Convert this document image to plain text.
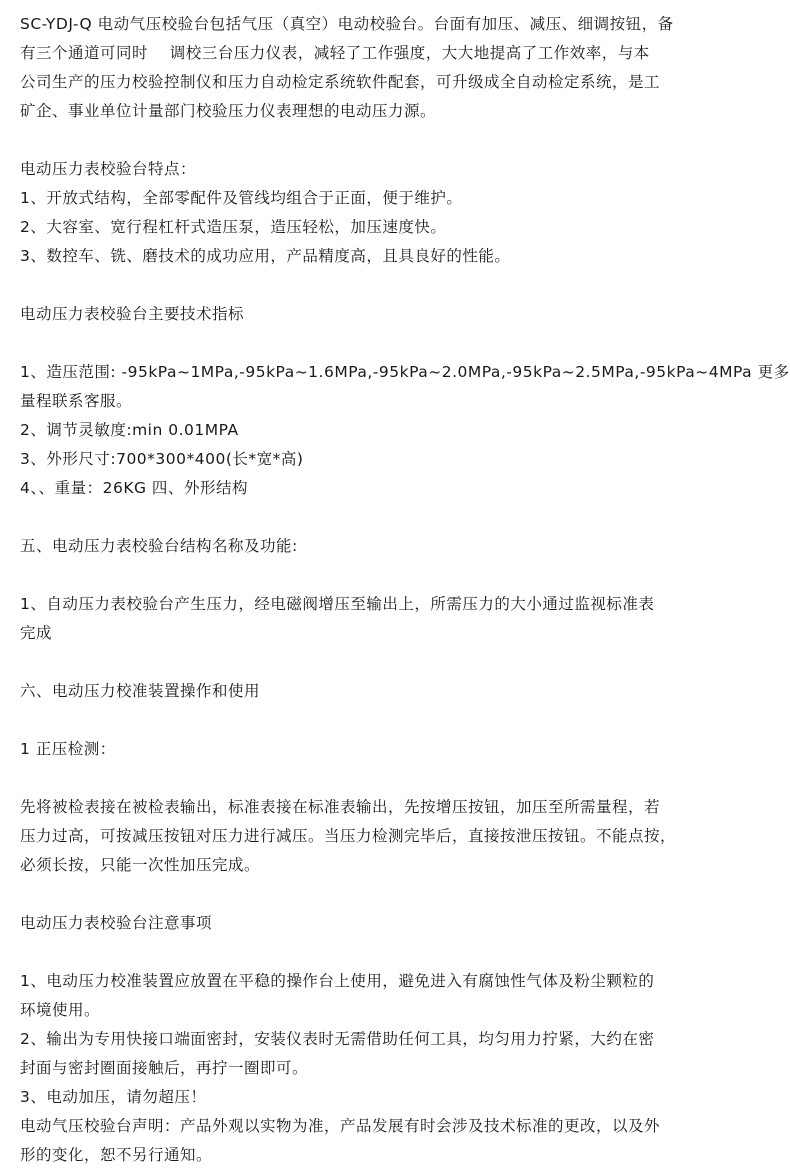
SC-YDJ-Q 电动气压校验台包括气压（真空）电动校验台。台面有加压、减压、细调按钮，备
有三个通道可同时    调校三台压力仪表，减轻了工作强度，大大地提高了工作效率，与本
公司生产的压力校验控制仪和压力自动检定系统软件配套，可升级成全自动检定系统，是工
矿企、事业单位计量部门校验压力仪表理想的电动压力源。
电动压力表校验台特点：
1、开放式结构，全部零配件及管线均组合于正面，便于维护。
2、大容室、宽行程杠杆式造压泵，造压轻松，加压速度快。
3、数控车、铣、磨技术的成功应用，产品精度高，且具良好的性能。
电动压力表校验台主要技术指标
1、造压范围: -95kPa~1MPa,-95kPa~1.6MPa,-95kPa~2.0MPa,-95kPa~2.5MPa,-95kPa~4MPa 更多
量程联系客服。
2、调节灵敏度:min 0.01MPA
3、外形尺寸:700*300*400(长*宽*高)
4、、重量：26KG 四、外形结构
五、电动压力表校验台结构名称及功能:
1、自动压力表校验台产生压力，经电磁阀增压至输出上，所需压力的大小通过监视标准表
完成
六、电动压力校准装置操作和使用
1 正压检测：
先将被检表接在被检表输出，标准表接在标准表输出，先按增压按钮，加压至所需量程，若
压力过高，可按减压按钮对压力进行减压。当压力检测完毕后，直接按泄压按钮。不能点按，
必须长按，只能一次性加压完成。
电动压力表校验台注意事项
1、电动压力校准装置应放置在平稳的操作台上使用，避免进入有腐蚀性气体及粉尘颗粒的
环境使用。
2、输出为专用快接口端面密封，安装仪表时无需借助任何工具，均匀用力拧紧，大约在密
封面与密封圈面接触后，再拧一圈即可。
3、电动加压，请勿超压！
电动气压校验台声明：产品外观以实物为准，产品发展有时会涉及技术标准的更改，以及外
形的变化，恕不另行通知。
